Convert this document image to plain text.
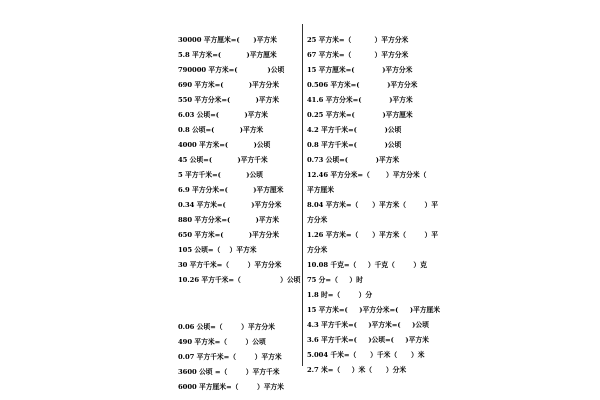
30000 平方厘米=(      )平方米
5.8 平方米=(           )平方厘米
790000 平方米=(             )公顷
690 平方米=(           )平方分米
550 平方分米=(           )平方米
6.03 公顷=(           )平方米
0.8 公顷=(           )平方米
4000 平方米=(           )公顷
45 公顷=(           )平方千米
5 平方千米=(           )公顷
6.9 平方分米=(           )平方厘米
0.34 平方米=(           )平方分米
880 平方分米=(           )平方米
650 平方米=(           )平方分米
105 公顷=（    ）平方米
30 平方千米=（        ）平方分米
10.26 平方千米=（                 ）公顷
0.06 公顷=（        ）平方分米
490 平方米=（        ）公顷
0.07 平方千米=（        ）平方米
3600 公顷 =（        ）平方千米
6000 平方厘米=（        ）平方米
25 平方米=（          ）平方分米
67 平方米=（          ）平方分米
15 平方厘米=(            )平方分米
0.506 平方米=(            )平方分米
41.6 平方分米=(            )平方米
0.25 平方米=(            )平方厘米
4.2 平方千米=(            )公顷
0.8 平方千米=(            )公顷
0.73 公顷=(            )平方米
12.46 平方分米=（       ）平方分米（
平方厘米
8.04 平方米=（      ）平方米（        ）平
方分米
1.26 平方米=（      ）平方米（        ）平
方分米
10.08 千克=（     ）千克（        ）克
75 分=（     ）时
1.8 时=（        ）分
15 平方米=(     )平方分米=(     )平方厘米
4.3 平方千米=(     )平方米=(     )公顷
3.6 平方千米=(     )公顷=(     )平方米
5.004 千米=（      ）千米（      ）米
2.7 米=（     ）米（      ）分米
